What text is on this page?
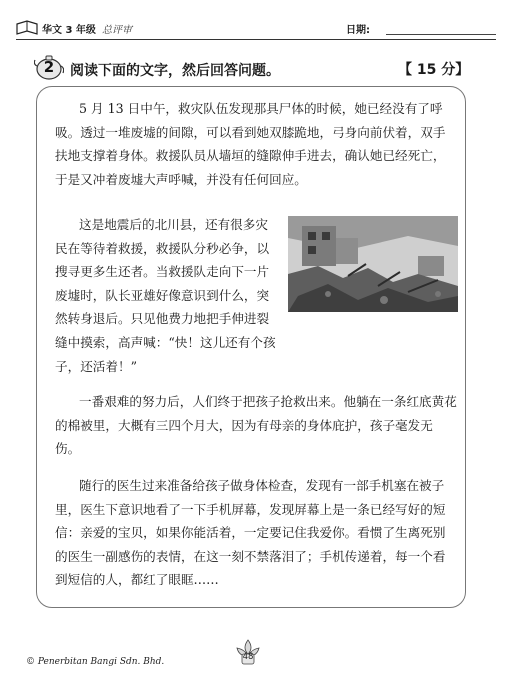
华文 3 年级 总评审	日期:
2	阅读下面的文字，然后回答问题。	【 15 分】

5 月 13 日中午，救灾队伍发现那具尸体的时候，她已经没有了呼吸。透过一堆废墟的间隙，可以看到她双膝跪地，弓身向前伏着，双手扶地支撑着身体。救援队员从墙垣的缝隙伸手进去，确认她已经死亡，于是又冲着废墟大声呼喊，并没有任何回应。

这是地震后的北川县，还有很多灾民在等待着救援，救援队分秒必争，以搜寻更多生还者。当救援队走向下一片废墟时，队长亚雄好像意识到什么，突然转身退后。只见他费力地把手伸进裂缝中摸索，高声喊：“快！这儿还有个孩子，还活着！”

一番艰难的努力后，人们终于把孩子抢救出来。他躺在一条红底黄花的棉被里，大概有三四个月大，因为有母亲的身体庇护，孩子毫发无伤。

随行的医生过来准备给孩子做身体检查，发现有一部手机塞在被子里，医生下意识地看了一下手机屏幕，发现屏幕上是一条已经写好的短信：亲爱的宝贝，如果你能活着，一定要记住我爱你。看惯了生离死别的医生一副感伤的表情，在这一刻不禁落泪了；手机传递着，每一个看到短信的人，都红了眼眶……

© Penerbitan Bangi Sdn. Bhd.	48
